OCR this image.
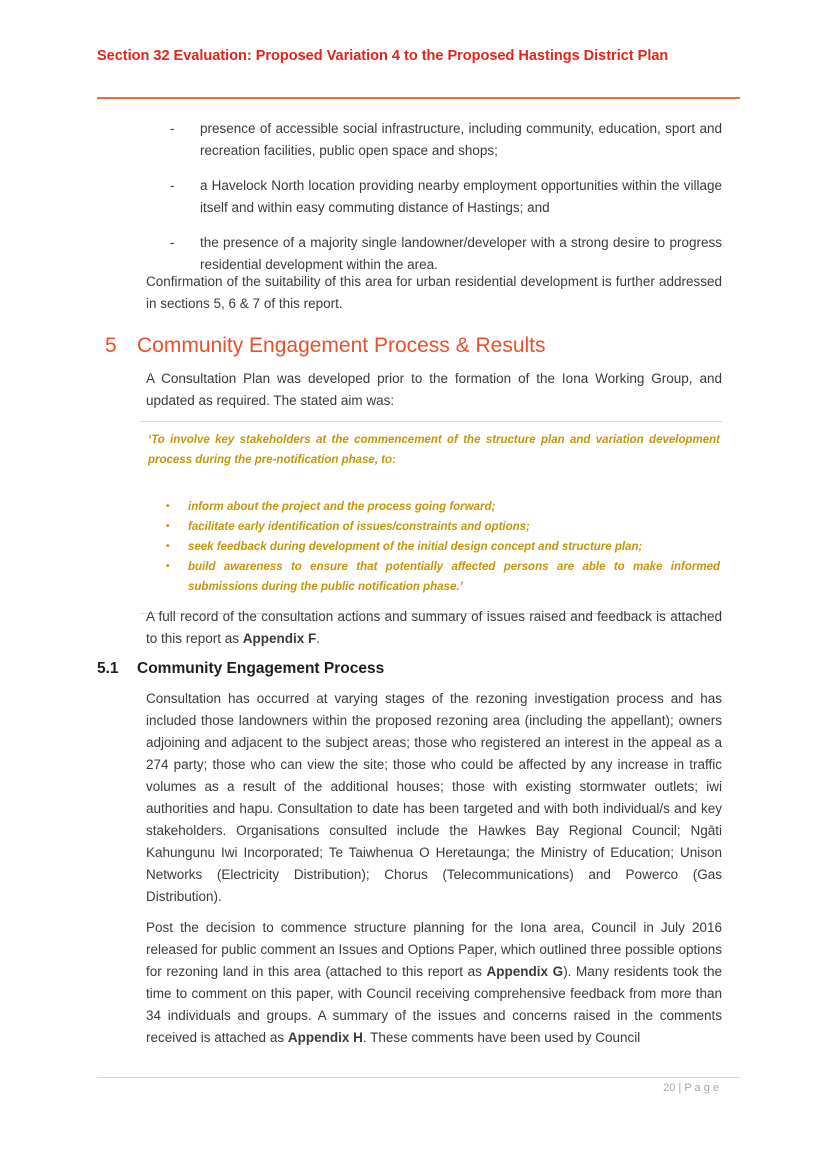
Section 32 Evaluation: Proposed Variation 4 to the Proposed Hastings District Plan
-	presence of accessible social infrastructure, including community, education, sport and recreation facilities, public open space and shops;
-	a Havelock North location providing nearby employment opportunities within the village itself and within easy commuting distance of Hastings; and
-	the presence of a majority single landowner/developer with a strong desire to progress residential development within the area.

Confirmation of the suitability of this area for urban residential development is further addressed in sections 5, 6 & 7 of this report.

5 Community Engagement Process & Results

A Consultation Plan was developed prior to the formation of the Iona Working Group, and updated as required. The stated aim was:

‘To involve key stakeholders at the commencement of the structure plan and variation development process during the pre-notification phase, to:
•	inform about the project and the process going forward;
•	facilitate early identification of issues/constraints and options;
•	seek feedback during development of the initial design concept and structure plan;
•	build awareness to ensure that potentially affected persons are able to make informed submissions during the public notification phase.’

A full record of the consultation actions and summary of issues raised and feedback is attached to this report as Appendix F.

5.1	Community Engagement Process

Consultation has occurred at varying stages of the rezoning investigation process and has included those landowners within the proposed rezoning area (including the appellant); owners adjoining and adjacent to the subject areas; those who registered an interest in the appeal as a 274 party; those who can view the site; those who could be affected by any increase in traffic volumes as a result of the additional houses; those with existing stormwater outlets; iwi authorities and hapu. Consultation to date has been targeted and with both individual/s and key stakeholders. Organisations consulted include the Hawkes Bay Regional Council; Ngāti Kahungunu Iwi Incorporated; Te Taiwhenua O Heretaunga; the Ministry of Education; Unison Networks (Electricity Distribution); Chorus (Telecommunications) and Powerco (Gas Distribution).

Post the decision to commence structure planning for the Iona area, Council in July 2016 released for public comment an Issues and Options Paper, which outlined three possible options for rezoning land in this area (attached to this report as Appendix G). Many residents took the time to comment on this paper, with Council receiving comprehensive feedback from more than 34 individuals and groups. A summary of the issues and concerns raised in the comments received is attached as Appendix H. These comments have been used by Council

20 | P a g e
